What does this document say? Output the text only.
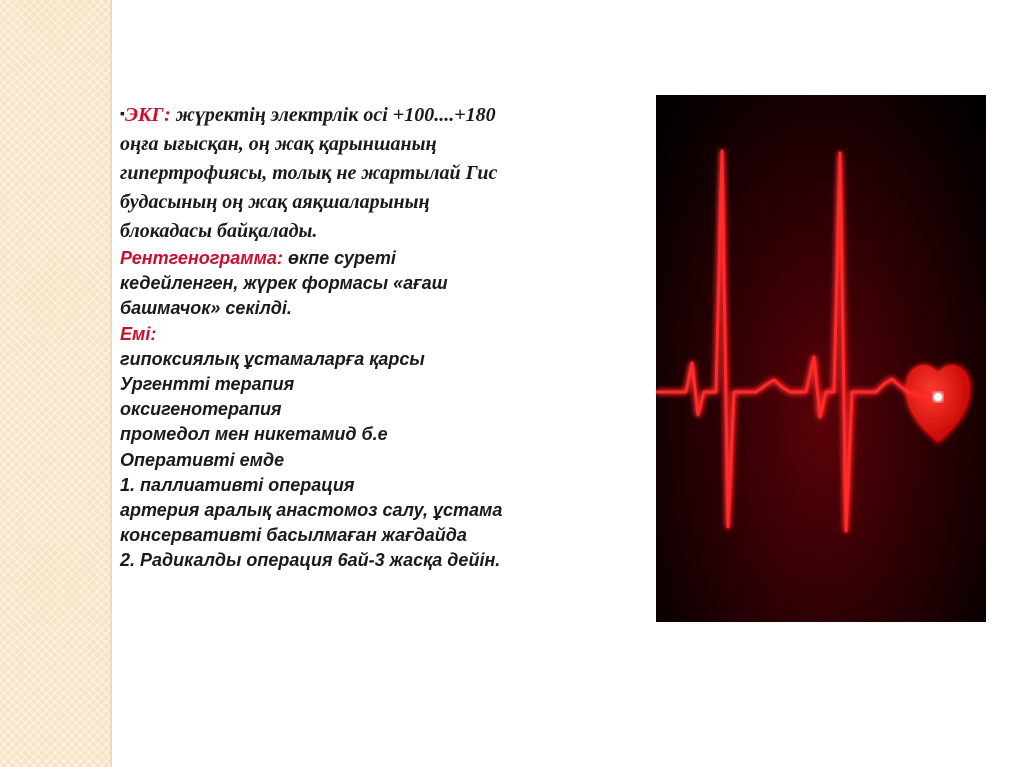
▪ЭКГ: жүректің электрлік осі +100....+180
оңға ығысқан, оң жақ қарыншаның
гипертрофиясы, толық не жартылай Гис
будасының оң жақ аяқшаларының
блокадасы байқалады.

Рентгенограмма: өкпе суреті
кедейленген, жүрек формасы «ағаш
башмачок» секілді.
Емі:
гипоксиялық ұстамаларға қарсы
Ургентті терапия
оксигенотерапия
промедол мен никетамид б.е
Оперативті емде
1. паллиативті операция
артерия аралық анастомоз салу, ұстама
консервативті басылмаған жағдайда
2. Радикалды операция 6ай-3 жасқа дейін.
